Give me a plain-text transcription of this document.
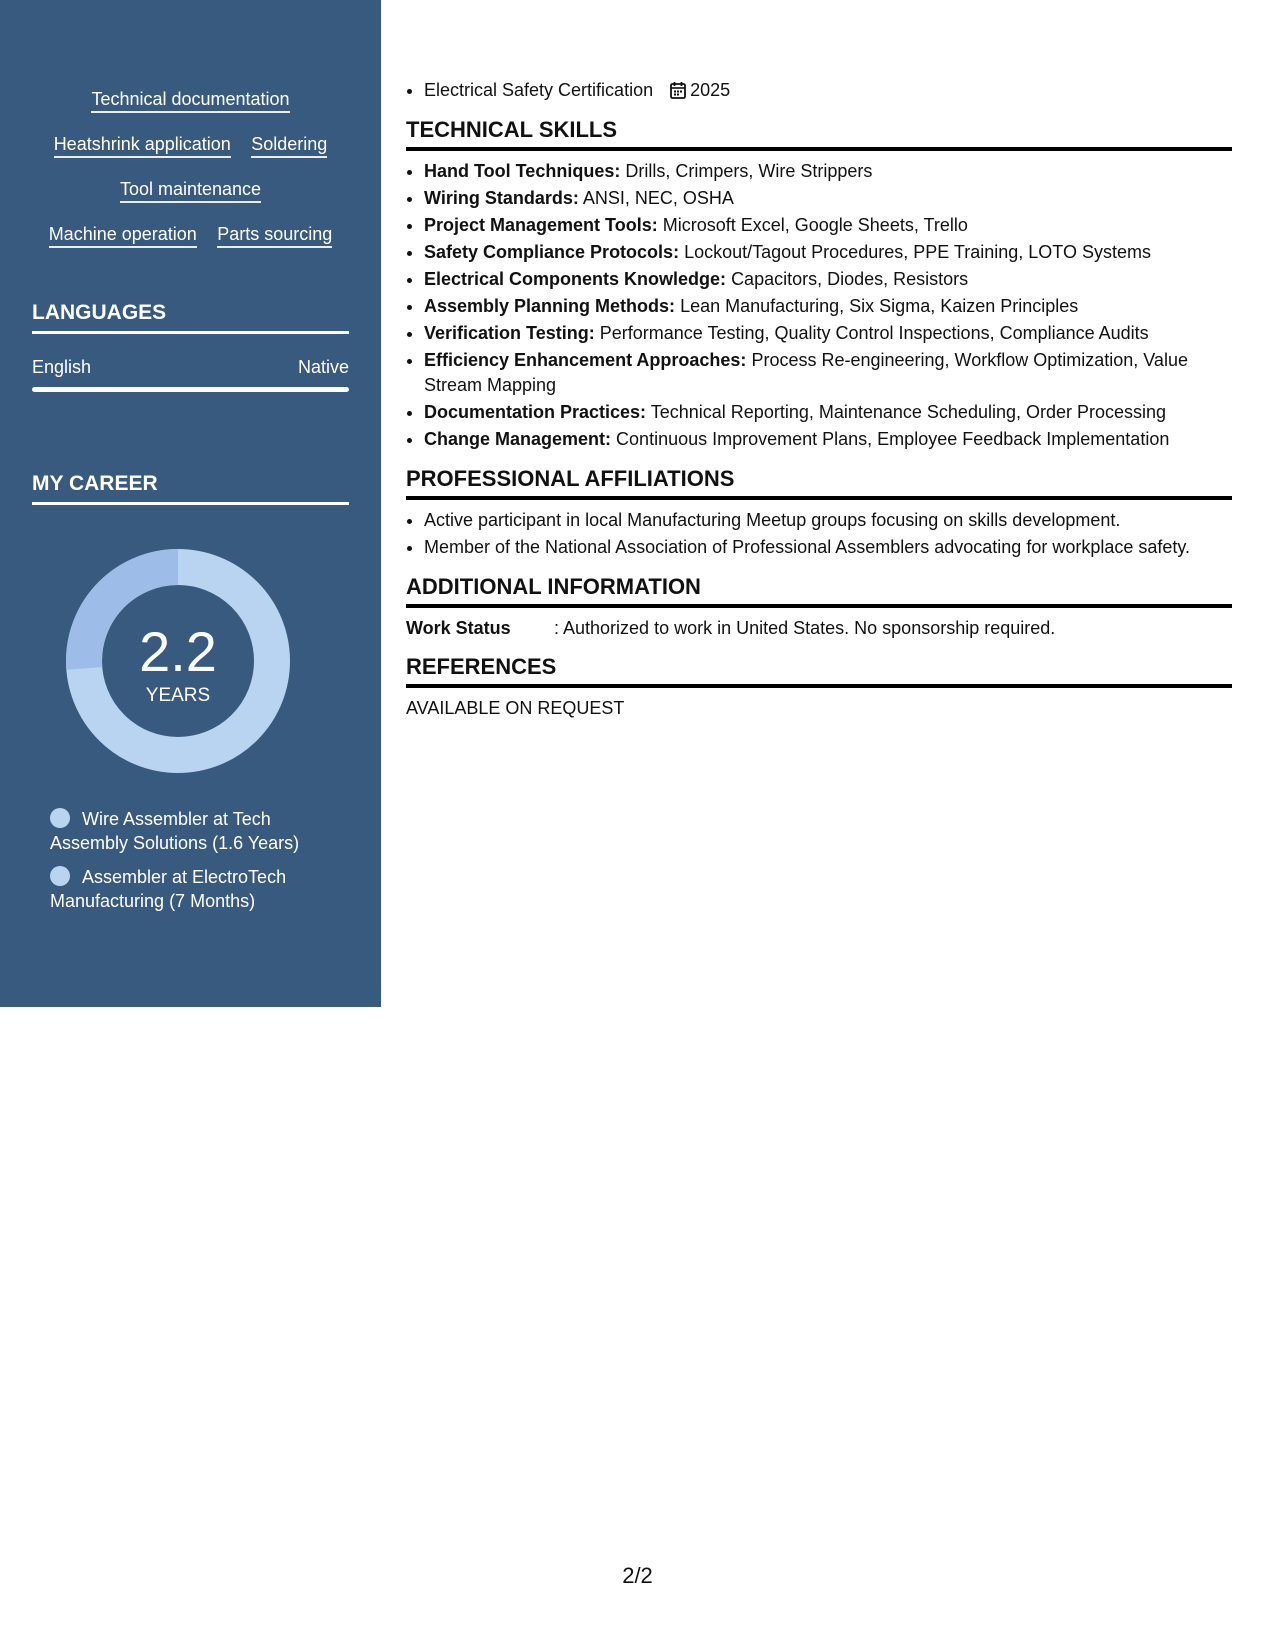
Technical documentation
Heatshrink application Soldering
Tool maintenance
Machine operation Parts sourcing
LANGUAGES
English	Native
MY CAREER
2.2
YEARS
Wire Assembler at Tech Assembly Solutions (1.6 Years)
Assembler at ElectroTech Manufacturing (7 Months)
• Electrical Safety Certification 2025
TECHNICAL SKILLS
• Hand Tool Techniques: Drills, Crimpers, Wire Strippers
• Wiring Standards: ANSI, NEC, OSHA
• Project Management Tools: Microsoft Excel, Google Sheets, Trello
• Safety Compliance Protocols: Lockout/Tagout Procedures, PPE Training, LOTO Systems
• Electrical Components Knowledge: Capacitors, Diodes, Resistors
• Assembly Planning Methods: Lean Manufacturing, Six Sigma, Kaizen Principles
• Verification Testing: Performance Testing, Quality Control Inspections, Compliance Audits
• Efficiency Enhancement Approaches: Process Re-engineering, Workflow Optimization, Value Stream Mapping
• Documentation Practices: Technical Reporting, Maintenance Scheduling, Order Processing
• Change Management: Continuous Improvement Plans, Employee Feedback Implementation
PROFESSIONAL AFFILIATIONS
• Active participant in local Manufacturing Meetup groups focusing on skills development.
• Member of the National Association of Professional Assemblers advocating for workplace safety.
ADDITIONAL INFORMATION
Work Status : Authorized to work in United States. No sponsorship required.
REFERENCES
AVAILABLE ON REQUEST
2/2
